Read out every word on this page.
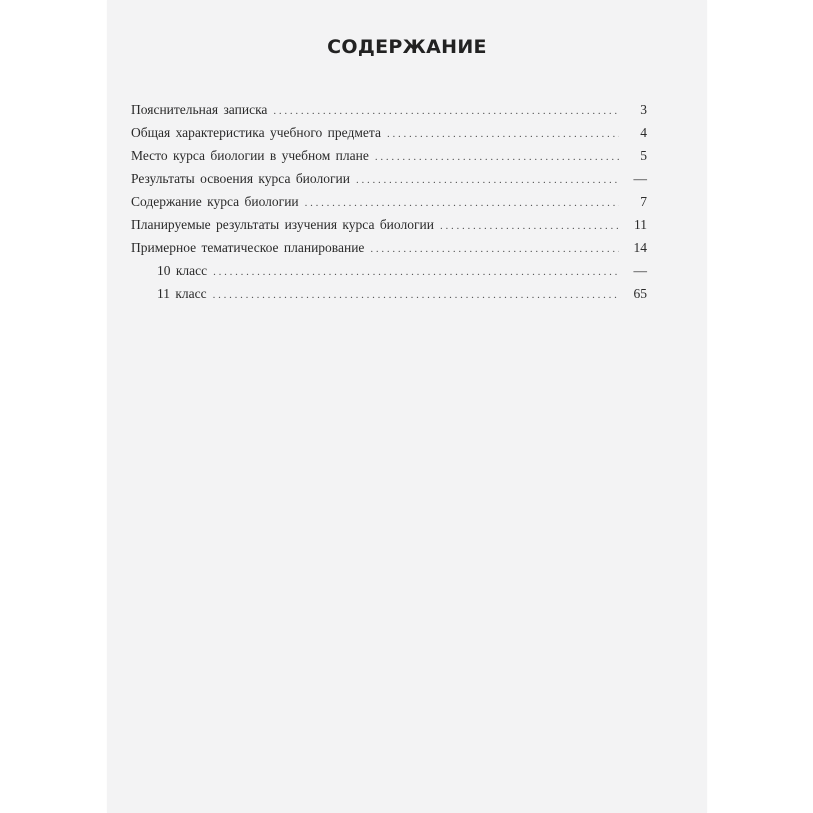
СОДЕРЖАНИЕ
Пояснительная записка . . .	3
Общая характеристика учебного предмета . . .	4
Место курса биологии в учебном плане . . .	5
Результаты освоения курса биологии . . .	—
Содержание курса биологии . . .	7
Планируемые результаты изучения курса биологии . . .	11
Примерное тематическое планирование . . .	14
10 класс . . .	—
11 класс . . .	65
